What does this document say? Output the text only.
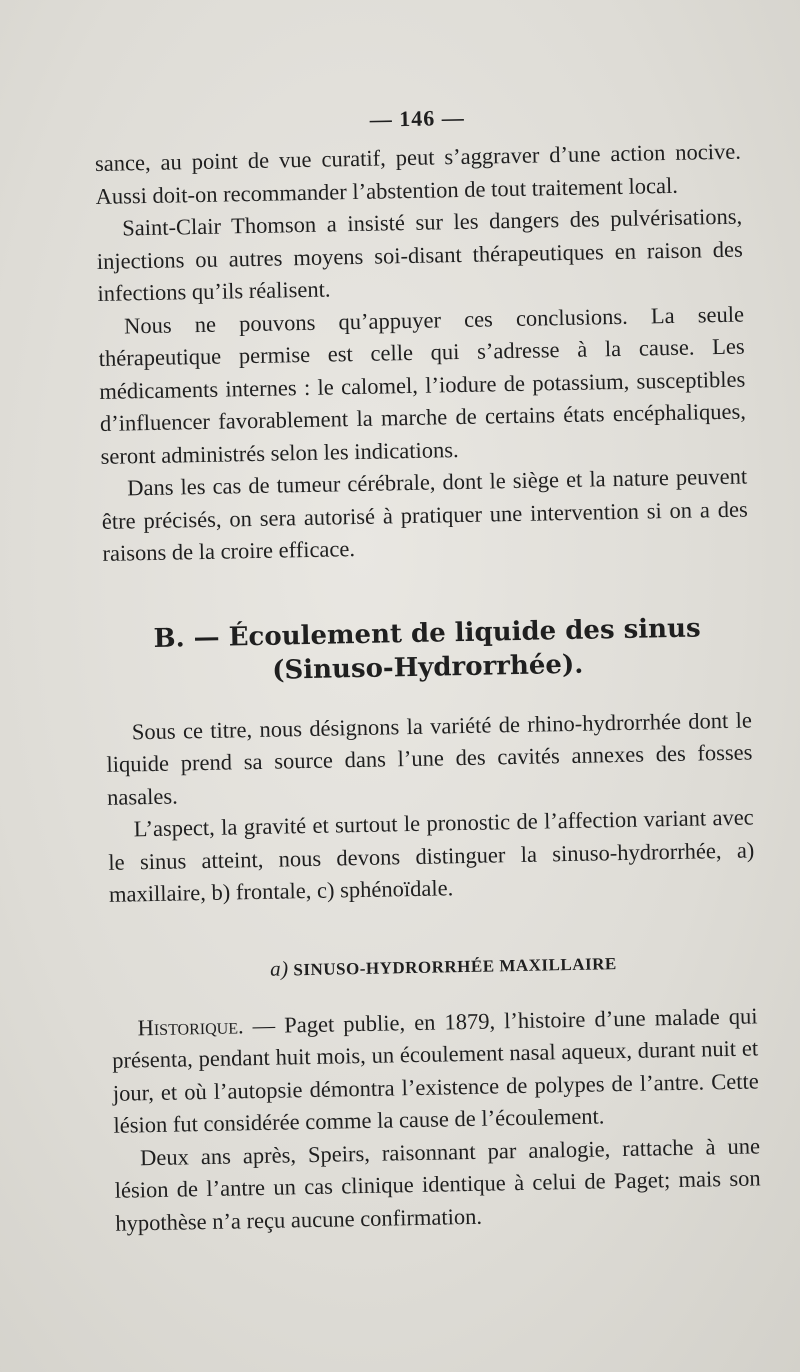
— 146 —

sance, au point de vue curatif, peut s’aggraver d’une action nocive. Aussi doit-on recommander l’abstention de tout traitement local.

Saint-Clair Thomson a insisté sur les dangers des pulvérisations, injections ou autres moyens soi-disant thérapeutiques en raison des infections qu’ils réalisent.

Nous ne pouvons qu’appuyer ces conclusions. La seule thérapeutique permise est celle qui s’adresse à la cause. Les médicaments internes : le calomel, l’iodure de potassium, susceptibles d’influencer favorablement la marche de certains états encéphaliques, seront administrés selon les indications.

Dans les cas de tumeur cérébrale, dont le siège et la nature peuvent être précisés, on sera autorisé à pratiquer une intervention si on a des raisons de la croire efficace.

B. — Écoulement de liquide des sinus
(Sinuso-Hydrorrhée).

Sous ce titre, nous désignons la variété de rhino-hydrorrhée dont le liquide prend sa source dans l’une des cavités annexes des fosses nasales.

L’aspect, la gravité et surtout le pronostic de l’affection variant avec le sinus atteint, nous devons distinguer la sinuso-hydrorrhée, a) maxillaire, b) frontale, c) sphénoïdale.

a) SINUSO-HYDRORRHÉE MAXILLAIRE

Historique. — Paget publie, en 1879, l’histoire d’une malade qui présenta, pendant huit mois, un écoulement nasal aqueux, durant nuit et jour, et où l’autopsie démontra l’existence de polypes de l’antre. Cette lésion fut considérée comme la cause de l’écoulement.

Deux ans après, Speirs, raisonnant par analogie, rattache à une lésion de l’antre un cas clinique identique à celui de Paget; mais son hypothèse n’a reçu aucune confirmation.
